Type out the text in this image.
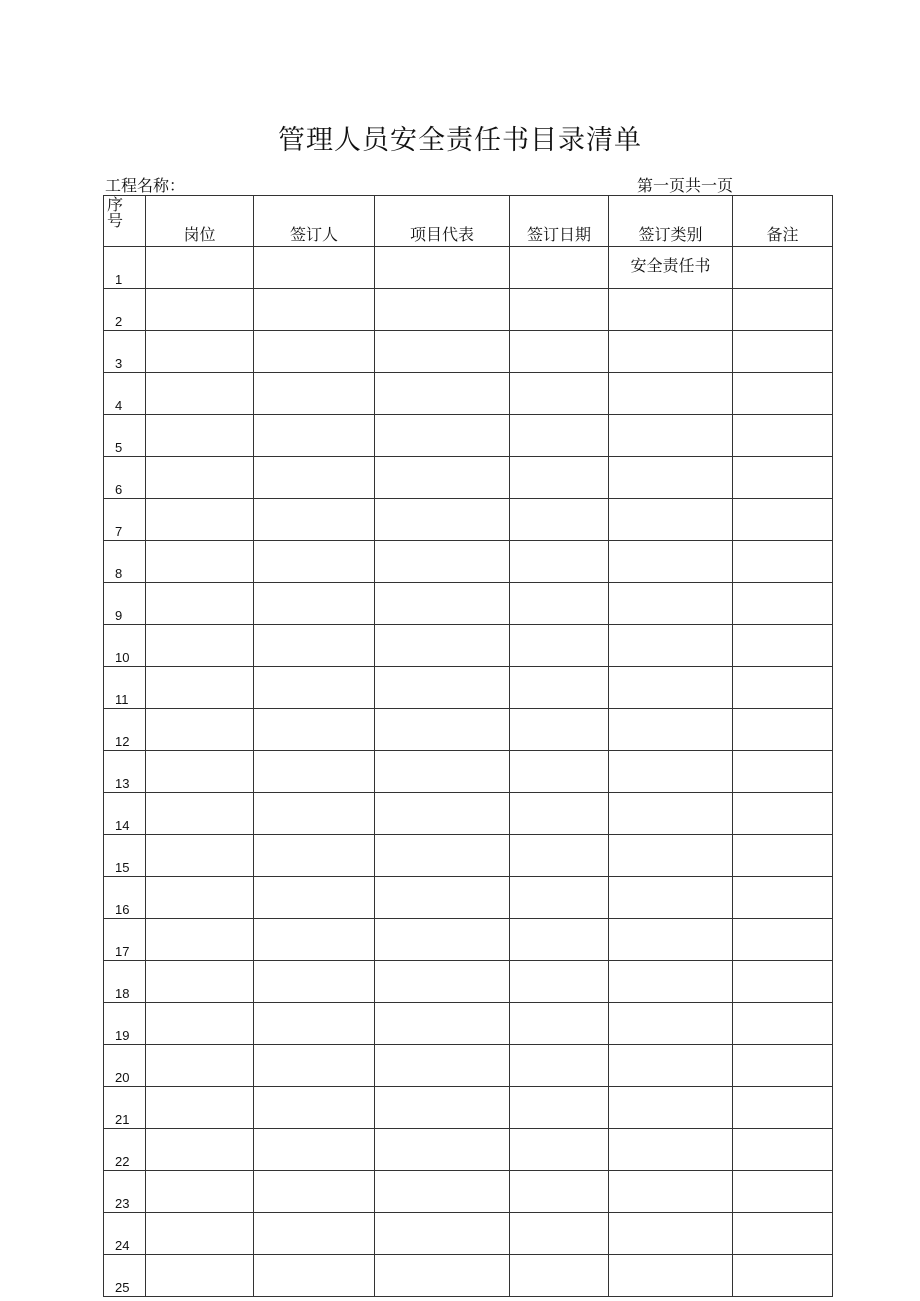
管理人员安全责任书目录清单
工程名称：	第一页共一页
序
号	岗位	签订人	项目代表	签订日期	签订类别	备注
1					安全责任书	
2						
3						
4						
5						
6						
7						
8						
9						
10						
11						
12						
13						
14						
15						
16						
17						
18						
19						
20						
21						
22						
23						
24						
25						
